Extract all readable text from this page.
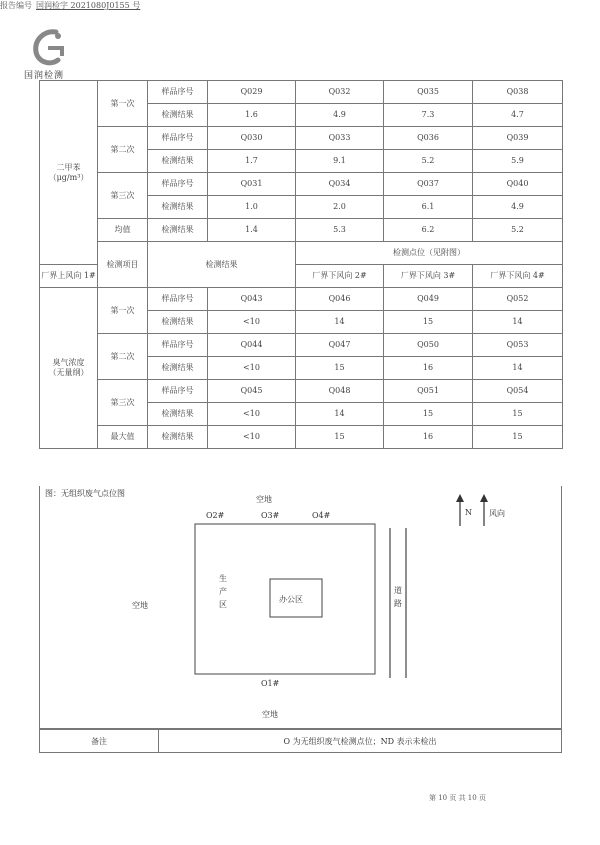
国润检测
报告编号 国润检字 2021080J0155 号
二甲苯
（μg/m³）	第一次	样品序号	Q029	Q032	Q035	Q038
		检测结果	1.6	4.9	7.3	4.7
	第二次	样品序号	Q030	Q033	Q036	Q039
		检测结果	1.7	9.1	5.2	5.9
	第三次	样品序号	Q031	Q034	Q037	Q040
		检测结果	1.0	2.0	6.1	4.9
	均值	检测结果	1.4	5.3	6.2	5.2
	检测项目	检测结果		检测点位（见附图）		
厂界上风向 1#				厂界下风向 2#	厂界下风向 3#	厂界下风向 4#

臭气浓度
（无量纲）	第一次	样品序号	Q043	Q046	Q049	Q052
		检测结果	<10	14	15	14
	第二次	样品序号	Q044	Q047	Q050	Q053
		检测结果	<10	15	16	14
	第三次	样品序号	Q045	Q048	Q051	Q054
		检测结果	<10	14	15	15
	最大值	检测结果	<10	15	16	15
图：无组织废气点位图
空地
O2#	O3#	O4#	N 风向
生产区
办公区
道路
空地
O1#
空地
备注	O 为无组织废气检测点位；ND 表示未检出
第 10 页 共 10 页
